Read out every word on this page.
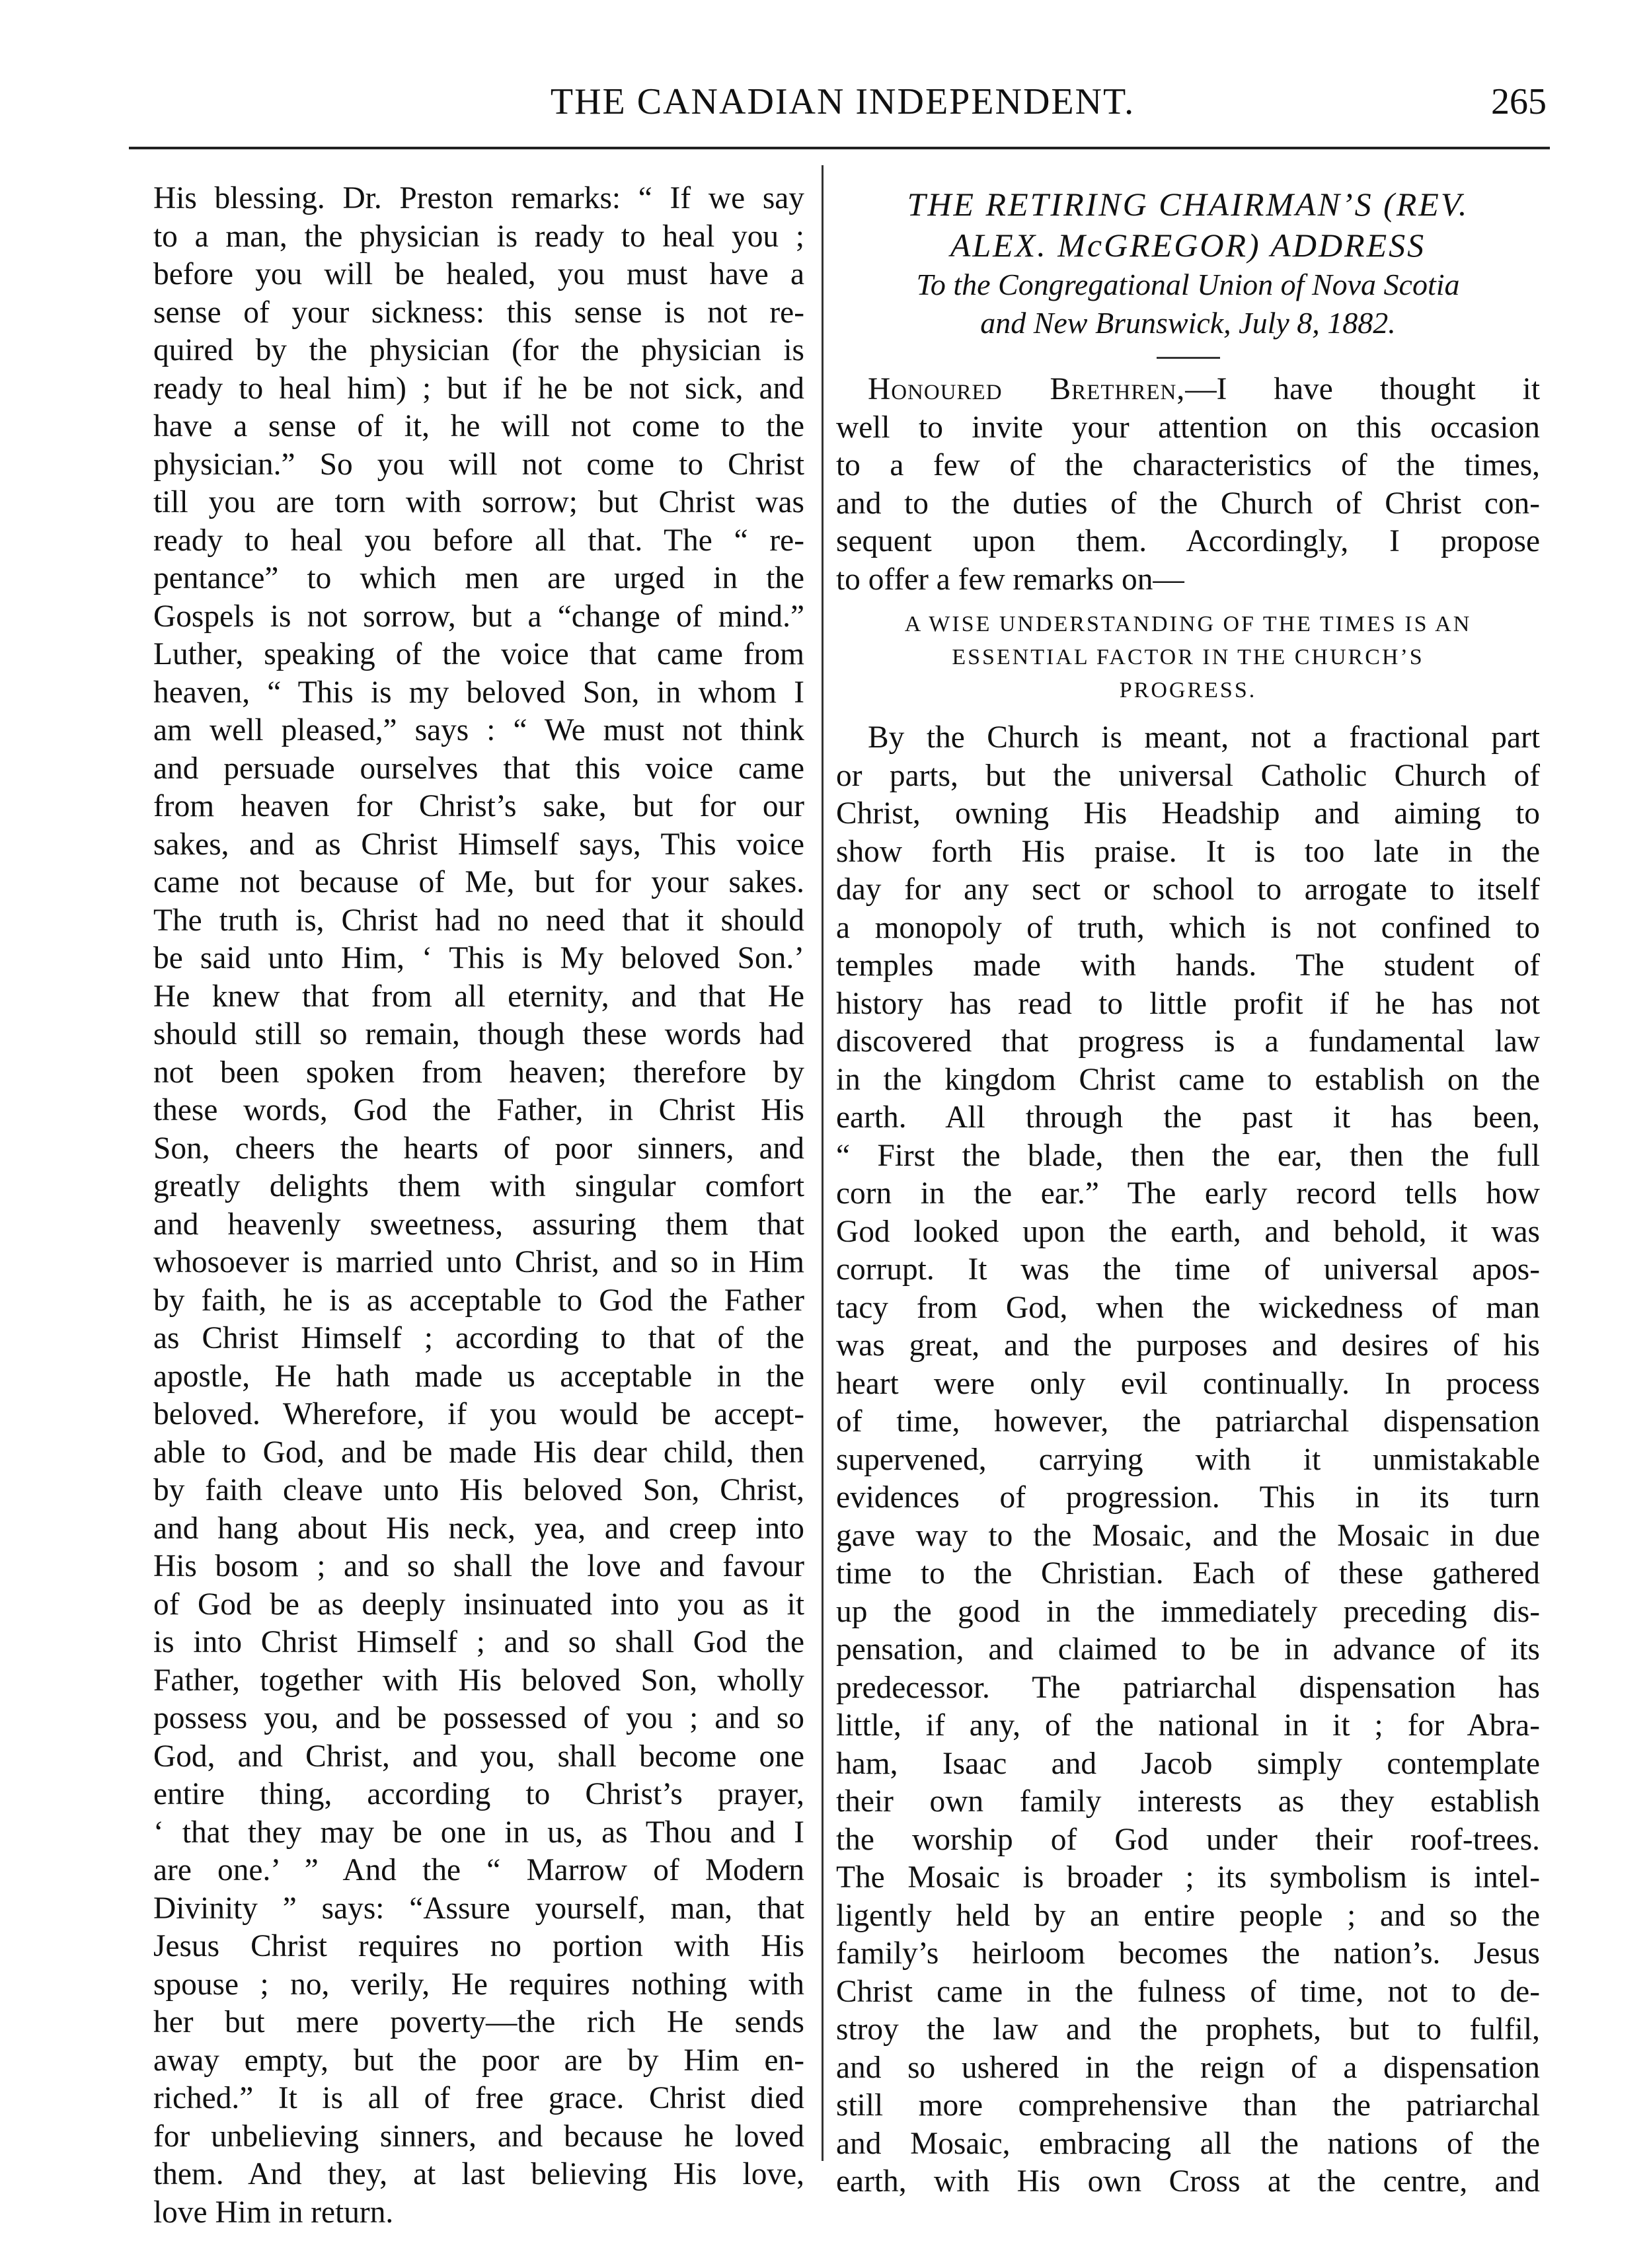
THE CANADIAN INDEPENDENT.	265
His blessing. Dr. Preston remarks: “ If we say
to a man, the physician is ready to heal you ;
before you will be healed, you must have a
sense of your sickness: this sense is not re-
quired by the physician (for the physician is
ready to heal him) ; but if he be not sick, and
have a sense of it, he will not come to the
physician.” So you will not come to Christ
till you are torn with sorrow; but Christ was
ready to heal you before all that. The “ re-
pentance” to which men are urged in the
Gospels is not sorrow, but a “change of mind.”
Luther, speaking of the voice that came from
heaven, “ This is my beloved Son, in whom I
am well pleased,” says : “ We must not think
and persuade ourselves that this voice came
from heaven for Christ’s sake, but for our
sakes, and as Christ Himself says, This voice
came not because of Me, but for your sakes.
The truth is, Christ had no need that it should
be said unto Him, ‘ This is My beloved Son.’
He knew that from all eternity, and that He
should still so remain, though these words had
not been spoken from heaven; therefore by
these words, God the Father, in Christ His
Son, cheers the hearts of poor sinners, and
greatly delights them with singular comfort
and heavenly sweetness, assuring them that
whosoever is married unto Christ, and so in Him
by faith, he is as acceptable to God the Father
as Christ Himself ; according to that of the
apostle, He hath made us acceptable in the
beloved. Wherefore, if you would be accept-
able to God, and be made His dear child, then
by faith cleave unto His beloved Son, Christ,
and hang about His neck, yea, and creep into
His bosom ; and so shall the love and favour
of God be as deeply insinuated into you as it
is into Christ Himself ; and so shall God the
Father, together with His beloved Son, wholly
possess you, and be possessed of you ; and so
God, and Christ, and you, shall become one
entire thing, according to Christ’s prayer,
‘ that they may be one in us, as Thou and I
are one.’ ” And the “ Marrow of Modern
Divinity ” says: “Assure yourself, man, that
Jesus Christ requires no portion with His
spouse ; no, verily, He requires nothing with
her but mere poverty—the rich He sends
away empty, but the poor are by Him en-
riched.” It is all of free grace. Christ died
for unbelieving sinners, and because he loved
them. And they, at last believing His love,
love Him in return.

THE RETIRING CHAIRMAN’S (REV.

ALEX. McGREGOR) ADDRESS

To the Congregational Union of Nova Scotia

and New Brunswick, July 8, 1882.

Honoured Brethren,—I have thought it
well to invite your attention on this occasion
to a few of the characteristics of the times,
and to the duties of the Church of Christ con-
sequent upon them. Accordingly, I propose
to offer a few remarks on—
A WISE UNDERSTANDING OF THE TIMES IS AN
ESSENTIAL FACTOR IN THE CHURCH’S
PROGRESS.
By the Church is meant, not a fractional part
or parts, but the universal Catholic Church of
Christ, owning His Headship and aiming to
show forth His praise. It is too late in the
day for any sect or school to arrogate to itself
a monopoly of truth, which is not confined to
temples made with hands. The student of
history has read to little profit if he has not
discovered that progress is a fundamental law
in the kingdom Christ came to establish on the
earth. All through the past it has been,
“ First the blade, then the ear, then the full
corn in the ear.” The early record tells how
God looked upon the earth, and behold, it was
corrupt. It was the time of universal apos-
tacy from God, when the wickedness of man
was great, and the purposes and desires of his
heart were only evil continually. In process
of time, however, the patriarchal dispensation
supervened, carrying with it unmistakable
evidences of progression. This in its turn
gave way to the Mosaic, and the Mosaic in due
time to the Christian. Each of these gathered
up the good in the immediately preceding dis-
pensation, and claimed to be in advance of its
predecessor. The patriarchal dispensation has
little, if any, of the national in it ; for Abra-
ham, Isaac and Jacob simply contemplate
their own family interests as they establish
the worship of God under their roof-trees.
The Mosaic is broader ; its symbolism is intel-
ligently held by an entire people ; and so the
family’s heirloom becomes the nation’s. Jesus
Christ came in the fulness of time, not to de-
stroy the law and the prophets, but to fulfil,
and so ushered in the reign of a dispensation
still more comprehensive than the patriarchal
and Mosaic, embracing all the nations of the
earth, with His own Cross at the centre, and
